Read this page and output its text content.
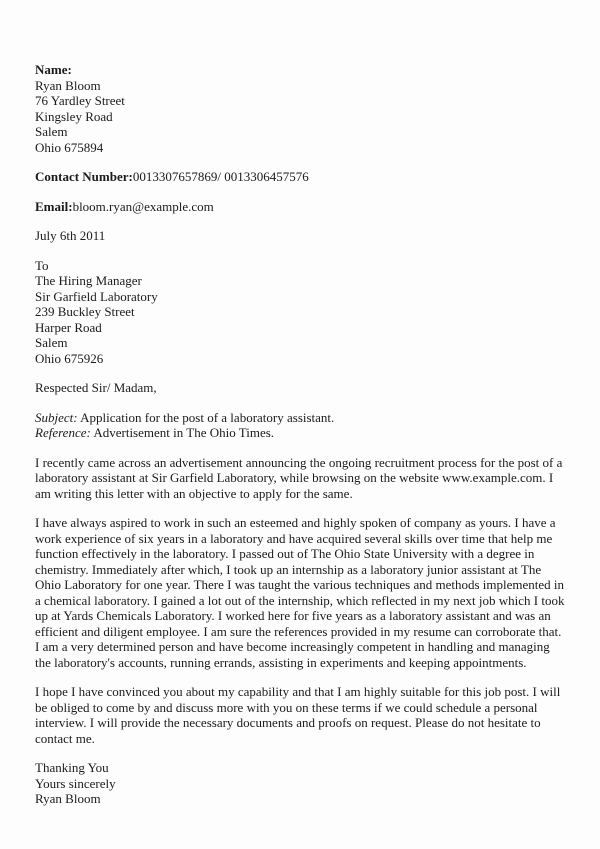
Name:
Ryan Bloom
76 Yardley Street
Kingsley Road
Salem
Ohio 675894
Contact Number:0013307657869/ 0013306457576
Email:bloom.ryan@example.com
July 6th 2011
To
The Hiring Manager
Sir Garfield Laboratory
239 Buckley Street
Harper Road
Salem
Ohio 675926
Respected Sir/ Madam,
Subject: Application for the post of a laboratory assistant.
Reference: Advertisement in The Ohio Times.
I recently came across an advertisement announcing the ongoing recruitment process for the post of a laboratory assistant at Sir Garfield Laboratory, while browsing on the website www.example.com. I am writing this letter with an objective to apply for the same.
I have always aspired to work in such an esteemed and highly spoken of company as yours. I have a work experience of six years in a laboratory and have acquired several skills over time that help me function effectively in the laboratory. I passed out of The Ohio State University with a degree in chemistry. Immediately after which, I took up an internship as a laboratory junior assistant at The Ohio Laboratory for one year. There I was taught the various techniques and methods implemented in a chemical laboratory. I gained a lot out of the internship, which reflected in my next job which I took up at Yards Chemicals Laboratory. I worked here for five years as a laboratory assistant and was an efficient and diligent employee. I am sure the references provided in my resume can corroborate that. I am a very determined person and have become increasingly competent in handling and managing the laboratory's accounts, running errands, assisting in experiments and keeping appointments.
I hope I have convinced you about my capability and that I am highly suitable for this job post. I will be obliged to come by and discuss more with you on these terms if we could schedule a personal interview. I will provide the necessary documents and proofs on request. Please do not hesitate to contact me.
Thanking You
Yours sincerely
Ryan Bloom
